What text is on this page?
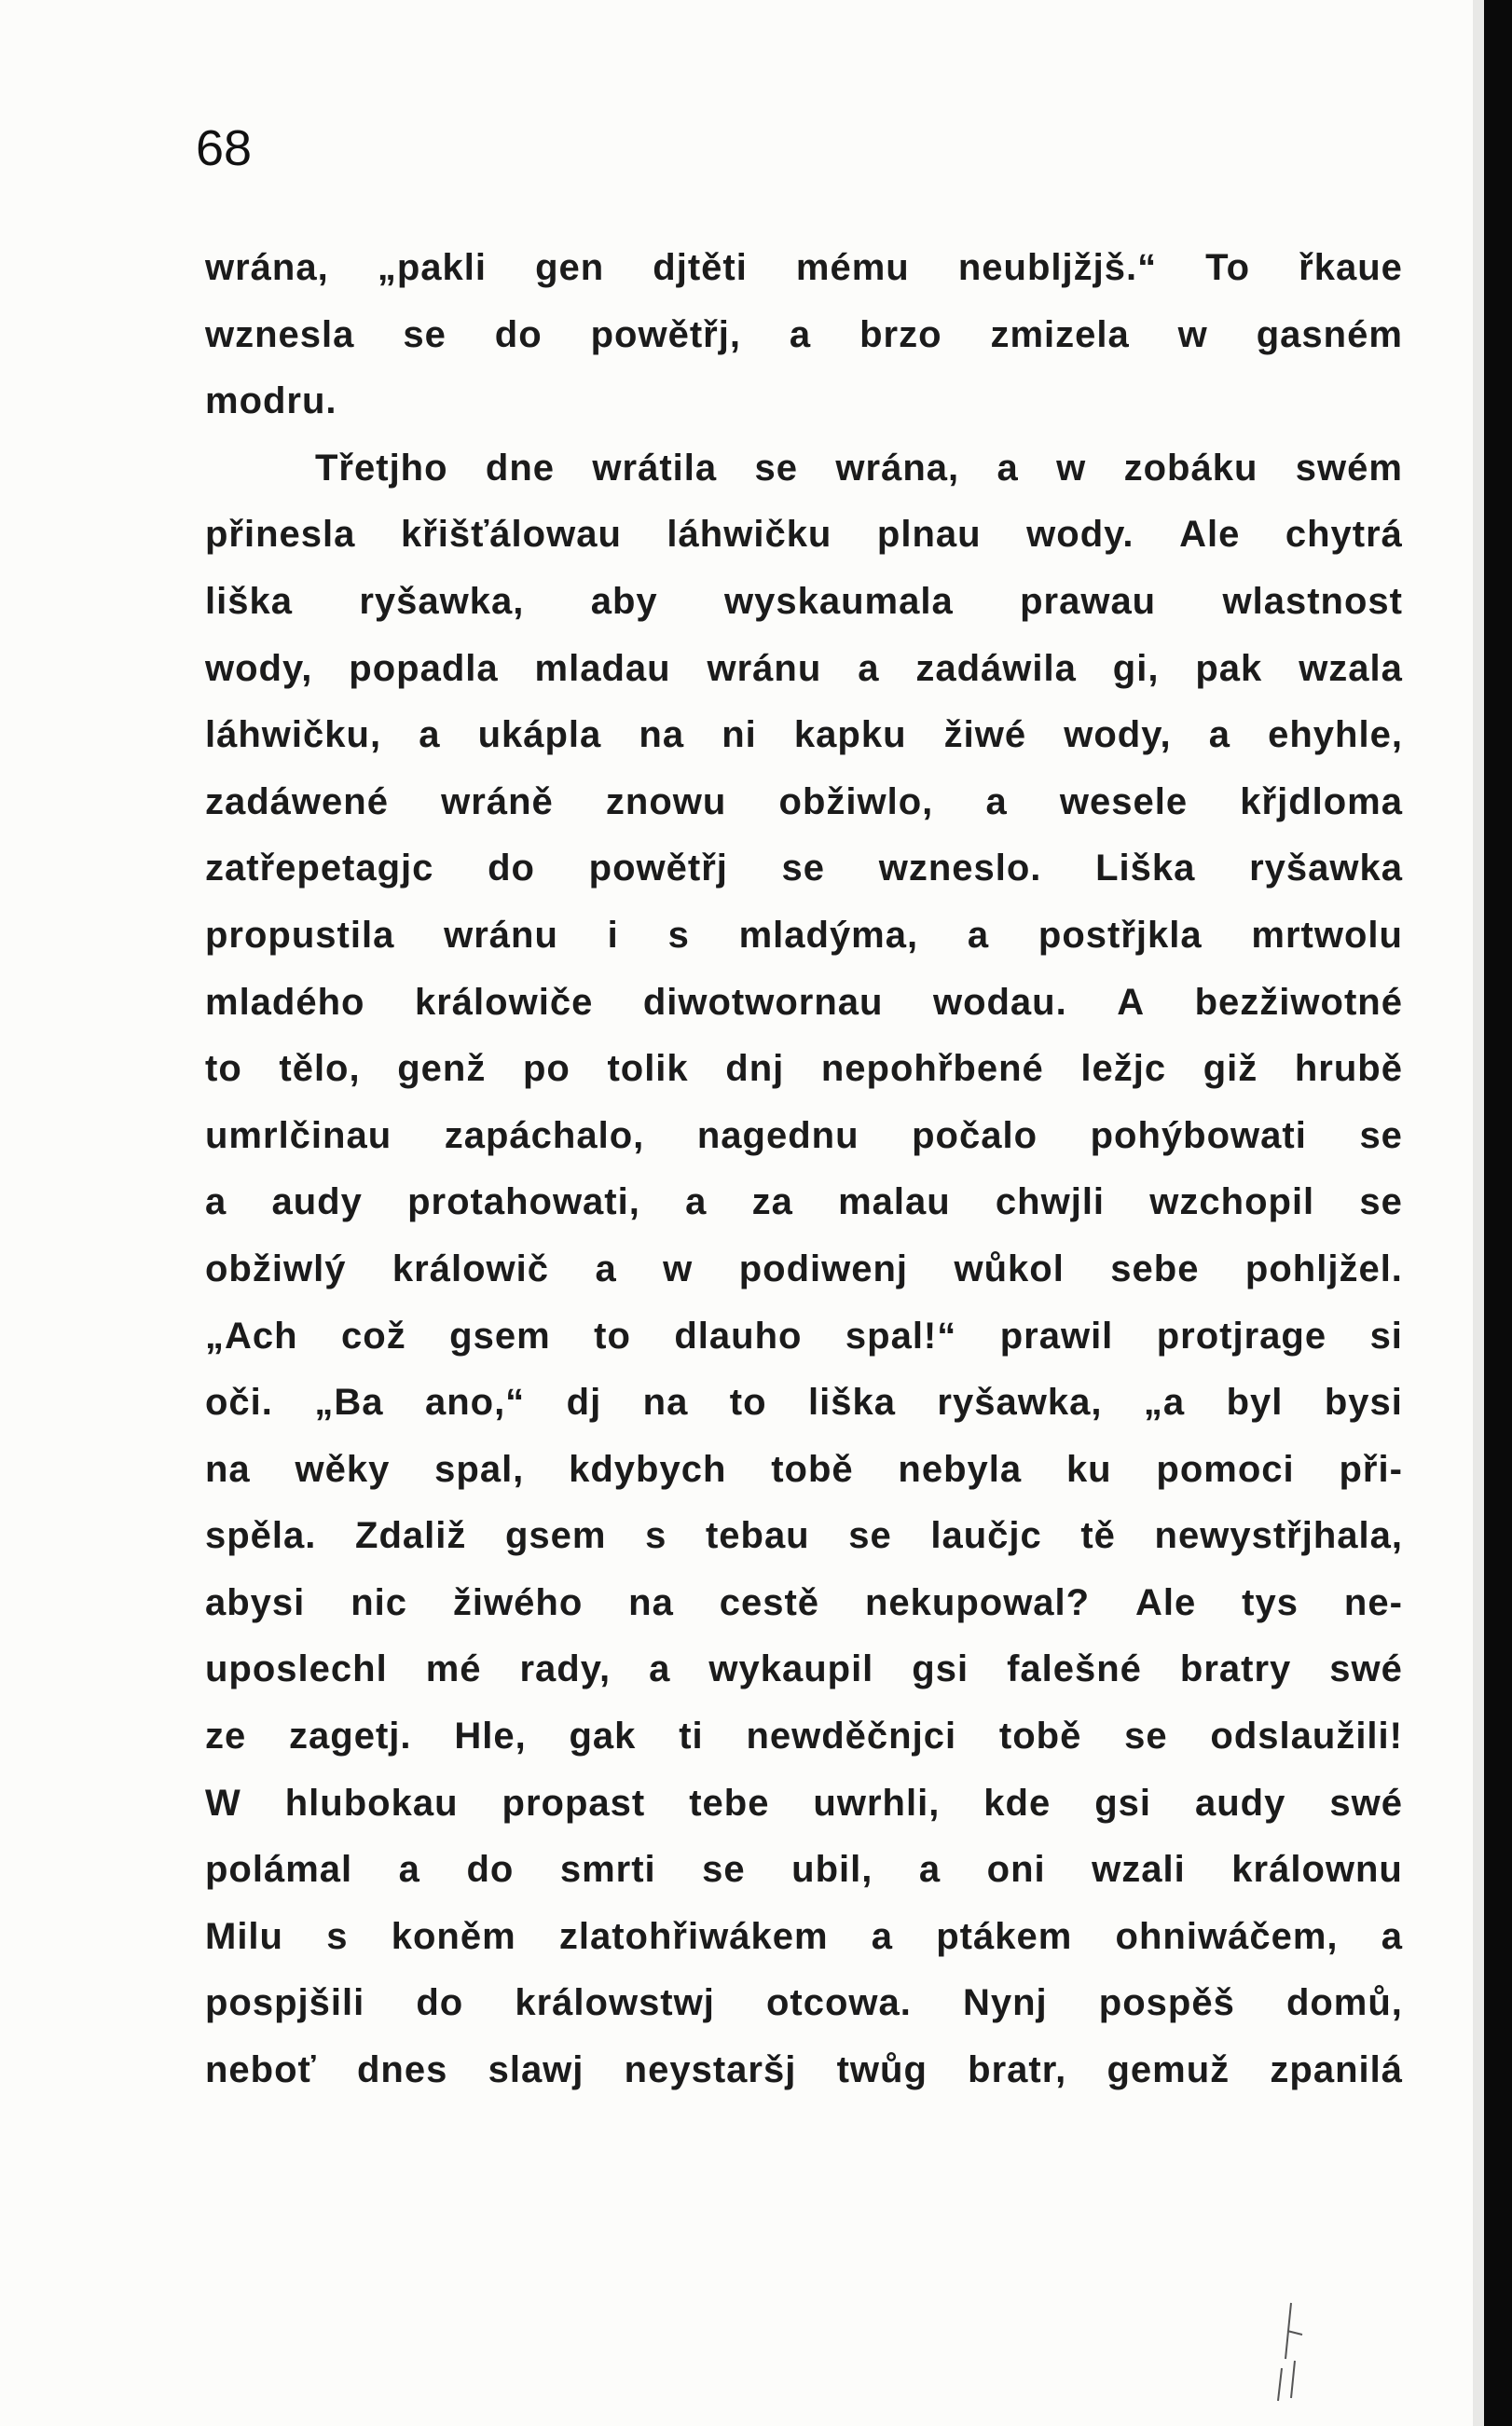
68
wrána, „pakli gen djtěti mému neubljžjš.“ To řkaue
wznesla se do powětřj, a brzo zmizela w gasném
modru.
Třetjho dne wrátila se wrána, a w zobáku swém
přinesla křišťálowau láhwičku plnau wody. Ale chytrá
liška ryšawka, aby wyskaumala prawau wlastnost
wody, popadla mladau wránu a zadáwila gi, pak wzala
láhwičku, a ukápla na ni kapku žiwé wody, a ehyhle,
zadáwené wráně znowu obžiwlo, a wesele křjdloma
zatřepetagjc do powětřj se wzneslo. Liška ryšawka
propustila wránu i s mladýma, a postřjkla mrtwolu
mladého králowiče diwotwornau wodau. A bezžiwotné
to tělo, genž po tolik dnj nepohřbené ležjc giž hrubě
umrlčinau zapáchalo, nagednu počalo pohýbowati se
a audy protahowati, a za malau chwjli wzchopil se
obžiwlý králowič a w podiwenj wůkol sebe pohljžel.
„Ach což gsem to dlauho spal!“ prawil protjrage si
oči. „Ba ano,“ dj na to liška ryšawka, „a byl bysi
na wěky spal, kdybych tobě nebyla ku pomoci při-
spěla. Zdaliž gsem s tebau se laučjc tě newystřjhala,
abysi nic žiwého na cestě nekupowal? Ale tys ne-
uposlechl mé rady, a wykaupil gsi falešné bratry swé
ze zagetj. Hle, gak ti newděčnjci tobě se odslaužili!
W hlubokau propast tebe uwrhli, kde gsi audy swé
polámal a do smrti se ubil, a oni wzali králownu
Milu s koněm zlatohřiwákem a ptákem ohniwáčem, a
pospjšili do králowstwj otcowa. Nynj pospěš domů,
neboť dnes slawj neystaršj twůg bratr, gemuž zpanilá
